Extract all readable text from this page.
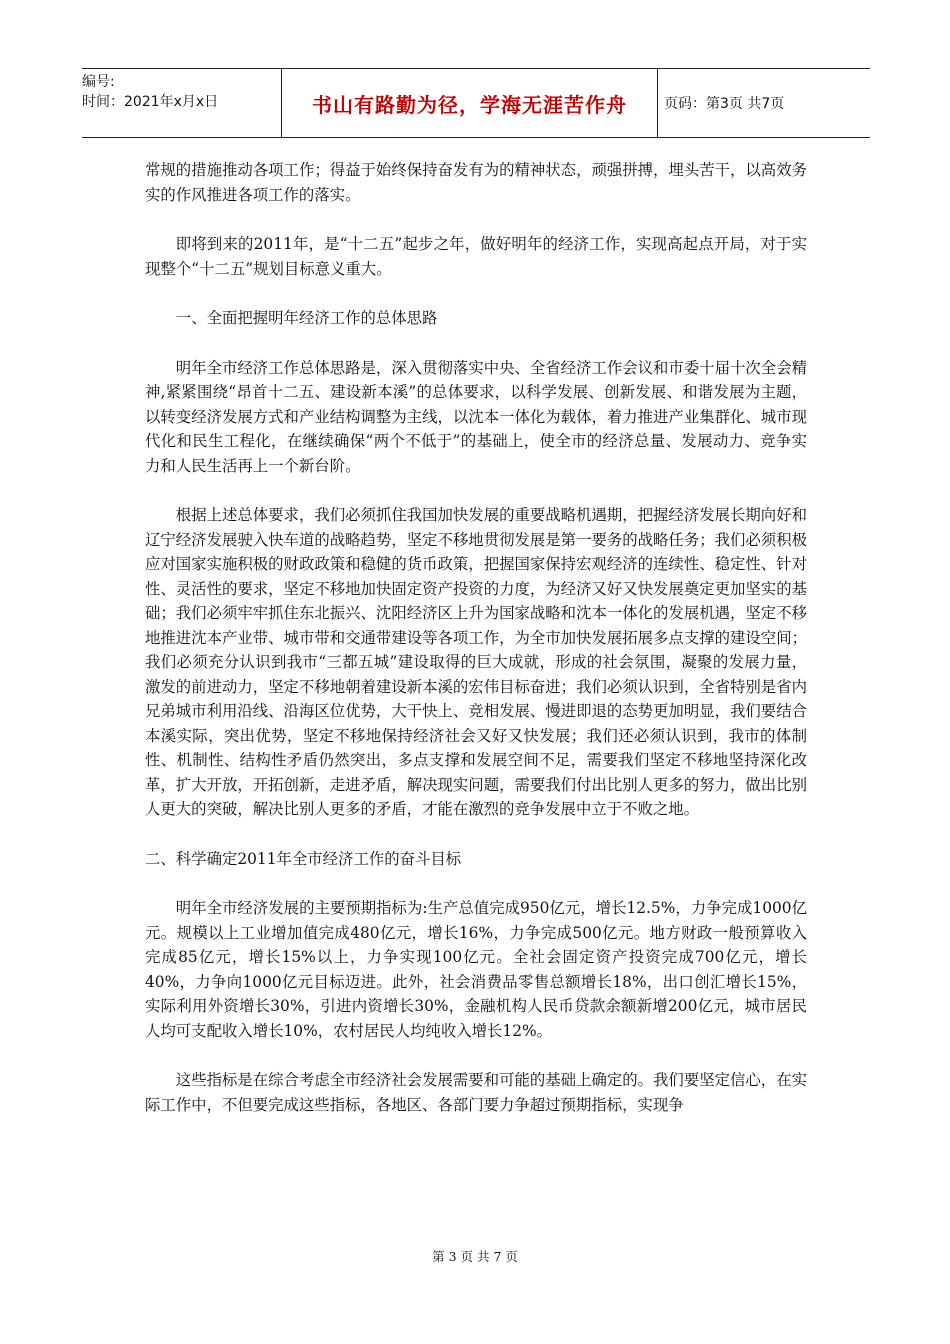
编号:
时间：2021年x月x日	书山有路勤为径，学海无涯苦作舟	页码：第3页 共7页

常规的措施推动各项工作；得益于始终保持奋发有为的精神状态，顽强拼搏，埋头苦干，以高效务实的作风推进各项工作的落实。

即将到来的2011年，是“十二五”起步之年，做好明年的经济工作，实现高起点开局，对于实现整个“十二五”规划目标意义重大。

一、全面把握明年经济工作的总体思路

明年全市经济工作总体思路是，深入贯彻落实中央、全省经济工作会议和市委十届十次全会精神,紧紧围绕“昂首十二五、建设新本溪”的总体要求，以科学发展、创新发展、和谐发展为主题，以转变经济发展方式和产业结构调整为主线，以沈本一体化为载体，着力推进产业集群化、城市现代化和民生工程化，在继续确保“两个不低于”的基础上，使全市的经济总量、发展动力、竞争实力和人民生活再上一个新台阶。

根据上述总体要求，我们必须抓住我国加快发展的重要战略机遇期，把握经济发展长期向好和辽宁经济发展驶入快车道的战略趋势，坚定不移地贯彻发展是第一要务的战略任务；我们必须积极应对国家实施积极的财政政策和稳健的货币政策，把握国家保持宏观经济的连续性、稳定性、针对性、灵活性的要求，坚定不移地加快固定资产投资的力度，为经济又好又快发展奠定更加坚实的基础；我们必须牢牢抓住东北振兴、沈阳经济区上升为国家战略和沈本一体化的发展机遇，坚定不移地推进沈本产业带、城市带和交通带建设等各项工作，为全市加快发展拓展多点支撑的建设空间；我们必须充分认识到我市“三都五城”建设取得的巨大成就，形成的社会氛围，凝聚的发展力量，激发的前进动力，坚定不移地朝着建设新本溪的宏伟目标奋进；我们必须认识到，全省特别是省内兄弟城市利用沿线、沿海区位优势，大干快上、竞相发展、慢进即退的态势更加明显，我们要结合本溪实际，突出优势，坚定不移地保持经济社会又好又快发展；我们还必须认识到，我市的体制性、机制性、结构性矛盾仍然突出，多点支撑和发展空间不足，需要我们坚定不移地坚持深化改革，扩大开放，开拓创新，走进矛盾，解决现实问题，需要我们付出比别人更多的努力，做出比别人更大的突破，解决比别人更多的矛盾，才能在激烈的竞争发展中立于不败之地。

二、科学确定2011年全市经济工作的奋斗目标

明年全市经济发展的主要预期指标为:生产总值完成950亿元，增长12.5%，力争完成1000亿元。规模以上工业增加值完成480亿元，增长16%，力争完成500亿元。地方财政一般预算收入完成85亿元，增长15%以上，力争实现100亿元。全社会固定资产投资完成700亿元，增长40%，力争向1000亿元目标迈进。此外，社会消费品零售总额增长18%，出口创汇增长15%，实际利用外资增长30%，引进内资增长30%，金融机构人民币贷款余额新增200亿元，城市居民人均可支配收入增长10%，农村居民人均纯收入增长12%。

这些指标是在综合考虑全市经济社会发展需要和可能的基础上确定的。我们要坚定信心，在实际工作中，不但要完成这些指标，各地区、各部门要力争超过预期指标，实现争

第 3 页 共 7 页
